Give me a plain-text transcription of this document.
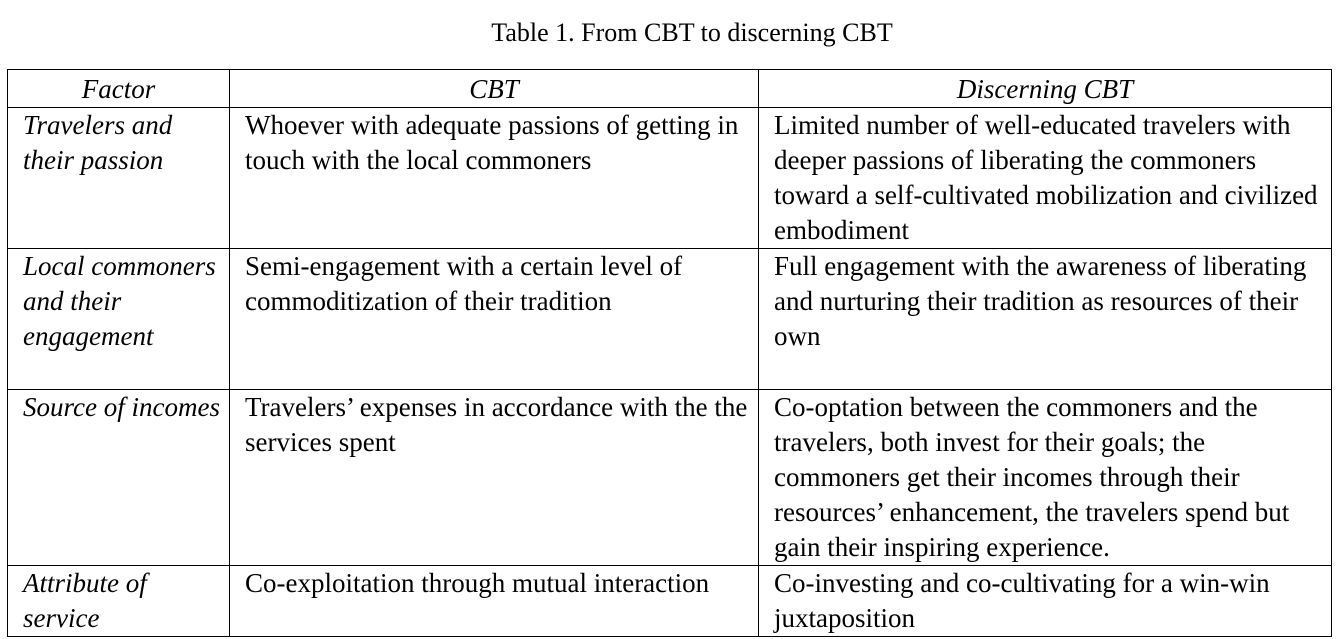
Table 1. From CBT to discerning CBT
Factor	CBT	Discerning CBT
Travelers and their passion	Whoever with adequate passions of getting in touch with the local commoners	Limited number of well-educated travelers with deeper passions of liberating the commoners toward a self-cultivated mobilization and civilized embodiment
Local commoners and their engagement	Semi-engagement with a certain level of commoditization of their tradition	Full engagement with the awareness of liberating and nurturing their tradition as resources of their own
Source of incomes	Travelers’ expenses in accordance with the the services spent	Co-optation between the commoners and the travelers, both invest for their goals; the commoners get their incomes through their resources’ enhancement, the travelers spend but gain their inspiring experience.
Attribute of service	Co-exploitation through mutual interaction	Co-investing and co-cultivating for a win-win juxtaposition
